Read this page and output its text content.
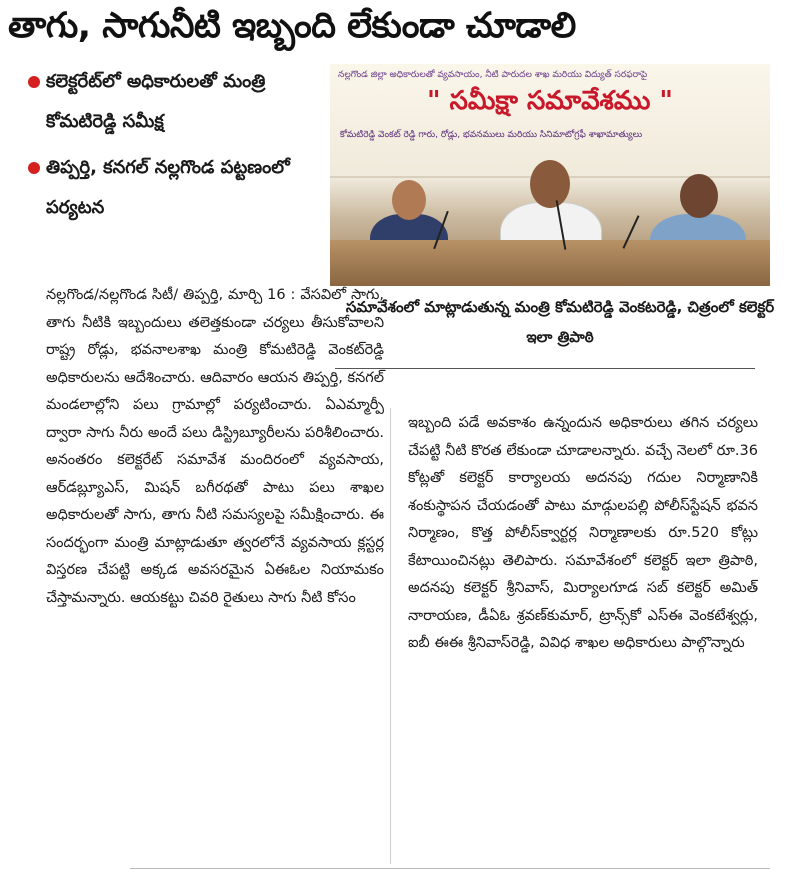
తాగు, సాగునీటి ఇబ్బంది లేకుండా చూడాలి
కలెక్టరేట్‌లో అధికారులతో మంత్రి కోమటిరెడ్డి సమీక్ష
తిప్పర్తి, కనగల్ నల్లగొండ పట్టణంలో పర్యటన
నల్లగొండ జిల్లా అధికారులతో వ్యవసాయం, నీటి పారుదల శాఖ మరియు విద్యుత్ సరఫరాపై
" సమీక్షా సమావేశము "
కోమటిరెడ్డి వెంకట్ రెడ్డి గారు, రోడ్లు, భవనములు మరియు సినిమాటోగ్రఫీ శాఖామాత్యులు
సమావేశంలో మాట్లాడుతున్న మంత్రి కోమటిరెడ్డి వెంకటరెడ్డి, చిత్రంలో కలెక్టర్ ఇలా త్రిపాఠి
నల్లగొండ/నల్లగొండ సిటీ/ తిప్పర్తి, మార్చి 16 : వేసవిలో సాగు, తాగు నీటికి ఇబ్బందులు తలెత్తకుండా చర్యలు తీసుకోవాలని రాష్ట్ర రోడ్లు, భవనాలశాఖ మంత్రి కోమటిరెడ్డి వెంకట్‌రెడ్డి అధికారులను ఆదేశించారు. ఆదివారం ఆయన తిప్పర్తి, కనగల్ మండలాల్లోని పలు గ్రామాల్లో పర్యటించారు. ఏఎమ్మార్పీ ద్వారా సాగు నీరు అందే పలు డిస్ట్రిబ్యూరీలను పరిశీలించారు. అనంతరం కలెక్టరేట్ సమావేశ మందిరంలో వ్యవసాయ, ఆర్‌డబ్ల్యూఎస్, మిషన్ బగీరథతో పాటు పలు శాఖల అధికారులతో సాగు, తాగు నీటి సమస్యలపై సమీక్షించారు. ఈ సందర్భంగా మంత్రి మాట్లాడుతూ త్వరలోనే వ్యవసాయ క్లస్టర్ల విస్తరణ చేపట్టి అక్కడ అవసరమైన ఏఈఓల నియామకం చేస్తామన్నారు. ఆయకట్టు చివరి రైతులు సాగు నీటి కోసం
ఇబ్బంది పడే అవకాశం ఉన్నందున అధికారులు తగిన చర్యలు చేపట్టి నీటి కొరత లేకుండా చూడాలన్నారు. వచ్చే నెలలో రూ.36 కోట్లతో కలెక్టర్ కార్యాలయ అదనపు గదుల నిర్మాణానికి శంకుస్థాపన చేయడంతో పాటు మాడ్గులపల్లి పోలీస్‌స్టేషన్ భవన నిర్మాణం, కొత్త పోలీస్‌క్వార్టర్ల నిర్మాణాలకు రూ.520 కోట్లు కేటాయించినట్లు తెలిపారు. సమావేశంలో కలెక్టర్ ఇలా త్రిపాఠి, అదనపు కలెక్టర్ శ్రీనివాస్, మిర్యాలగూడ సబ్ కలెక్టర్ అమిత్ నారాయణ, డీఏఓ శ్రవణ్‌కుమార్, ట్రాన్స్‌కో ఎస్ఈ వెంకటేశ్వర్లు, ఐబీ ఈఈ శ్రీనివాస్‌రెడ్డి, వివిధ శాఖల అధికారులు పాల్గొన్నారు
